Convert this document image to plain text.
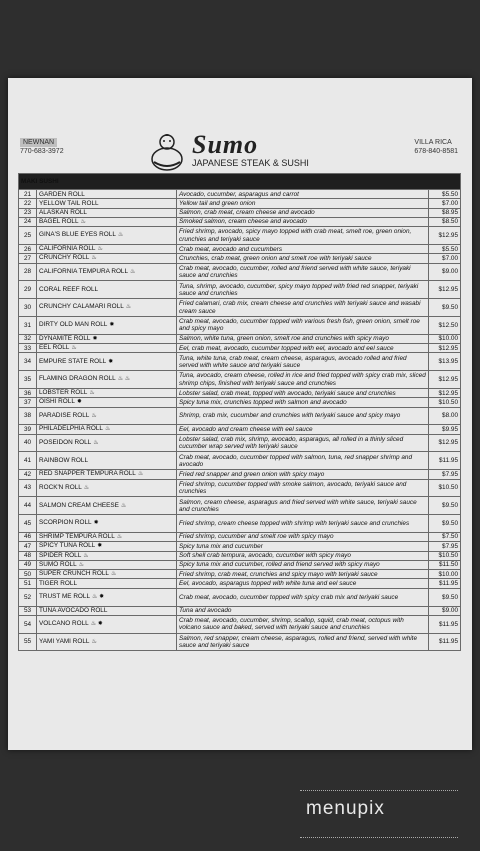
NEWNAN
770-683-3972	Sumo
JAPANESE STEAK & SUSHI
VILLA RICA
678-840-8581
MAKI SUSHI			
21	GARDEN ROLL	Avocado, cucumber, asparagus and carrot	$5.50
22	YELLOW TAIL ROLL	Yellow tail and green onion	$7.00
23	ALASKAN ROLL	Salmon, crab meat, cream cheese and avocado	$8.95
24	BAGEL ROLL ♨	Smoked salmon, cream cheese and avocado	$8.50
25	GINA'S BLUE EYES ROLL ♨	Fried shrimp, avocado, spicy mayo topped with crab meat, smelt roe, green onion, crunchies and teriyaki sauce	$12.95
26	CALIFORNIA ROLL ♨	Crab meat, avocado and cucumbers	$5.50
27	CRUNCHY ROLL ♨	Crunchies, crab meat, green onion and smelt roe with teriyaki sauce	$7.00
28	CALIFORNIA TEMPURA ROLL ♨	Crab meat, avocado, cucumber, rolled and friend served with white sauce, teriyaki sauce and crunchies	$9.00
29	CORAL REEF ROLL	Tuna, shrimp, avocado, cucumber, spicy mayo topped with fried red snapper, teriyaki sauce and crunchies	$12.95
30	CRUNCHY CALAMARI ROLL ♨	Fried calamari, crab mix, cream cheese and crunchies with teriyaki sauce and wasabi cream sauce	$9.50
31	DIRTY OLD MAN ROLL ✸	Crab meat, avocado, cucumber topped with various fresh fish, green onion, smelt roe and spicy mayo	$12.50
32	DYNAMITE ROLL ✸	Salmon, white tuna, green onion, smelt roe and crunchies with spicy mayo	$10.00
33	EEL ROLL ♨	Eel, crab meat, avocado, cucumber topped with eel, avocado and eel sauce	$12.95
34	EMPURE STATE ROLL ✸	Tuna, white tuna, crab meat, cream cheese, asparagus, avocado rolled and fried served with white sauce and teriyaki sauce	$13.95
35	FLAMING DRAGON ROLL ♨ ♨	Tuna, avocado, cream cheese, rolled in rice and fried topped with spicy crab mix, sliced shrimp chips, finished with teriyaki sauce and crunchies	$12.95
36	LOBSTER ROLL ♨	Lobster salad, crab meat, topped with avocado, teriyaki sauce and crunchies	$12.95
37	OISHI ROLL ✸	Spicy tuna mix, crunchies topped with salmon and avocado	$10.50
38	PARADISE ROLL ♨	Shrimp, crab mix, cucumber and crunchies with teriyaki sauce and spicy mayo	$8.00
39	PHILADELPHIA ROLL ♨	Eel, avocado and cream cheese with eel sauce	$9.95
40	POSEIDON ROLL ♨	Lobster salad, crab mix, shrimp, avocado, asparagus, all rolled in a thinly sliced cucumber wrap served with teriyaki sauce	$12.95
41	RAINBOW ROLL	Crab meat, avocado, cucumber topped with salmon, tuna, red snapper shrimp and avocado	$11.95
42	RED SNAPPER TEMPURA ROLL ♨	Fried red snapper and green onion with spicy mayo	$7.95
43	ROCK'N ROLL ♨	Fried shrimp, cucumber topped with smoke salmon, avocado, teriyaki sauce and crunchies	$10.50
44	SALMON CREAM CHEESE ♨	Salmon, cream cheese, asparagus and fried served with white sauce, teriyaki sauce and crunchies	$9.50
45	SCORPION ROLL ✸	Fried shrimp, cream cheese topped with shrimp with teriyaki sauce and crunchies	$9.50
46	SHRIMP TEMPURA ROLL ♨	Fried shrimp, cucumber and smelt roe with spicy mayo	$7.50
47	SPICY TUNA ROLL ✸	Spicy tuna mix and cucumber	$7.95
48	SPIDER ROLL ♨	Soft shell crab tempura, avocado, cucumber with spicy mayo	$10.50
49	SUMO ROLL ♨	Spicy tuna mix and cucumber, rolled and friend served with spicy mayo	$11.50
50	SUPER CRUNCH ROLL ♨	Fried shrimp, crab meat, crunchies and spicy mayo with teriyaki sauce	$10.00
51	TIGER ROLL	Eel, avocado, asparagus topped with white tuna and eel sauce	$11.95
52	TRUST ME ROLL ♨ ✸	Crab meat, avocado, cucumber topped with spicy crab mix and teriyaki sauce	$9.50
53	TUNA AVOCADO ROLL	Tuna and avocado	$9.00
54	VOLCANO ROLL ♨ ✸	Crab meat, avocado, cucumber, shrimp, scallop, squid, crab meat, octopus with volcano sauce and baked, served with teriyaki sauce and crunchies	$11.95
55	YAMI YAMI ROLL ♨	Salmon, red snapper, cream cheese, asparagus, rolled and friend, served with white sauce and teriyaki sauce	$11.95
menupix
